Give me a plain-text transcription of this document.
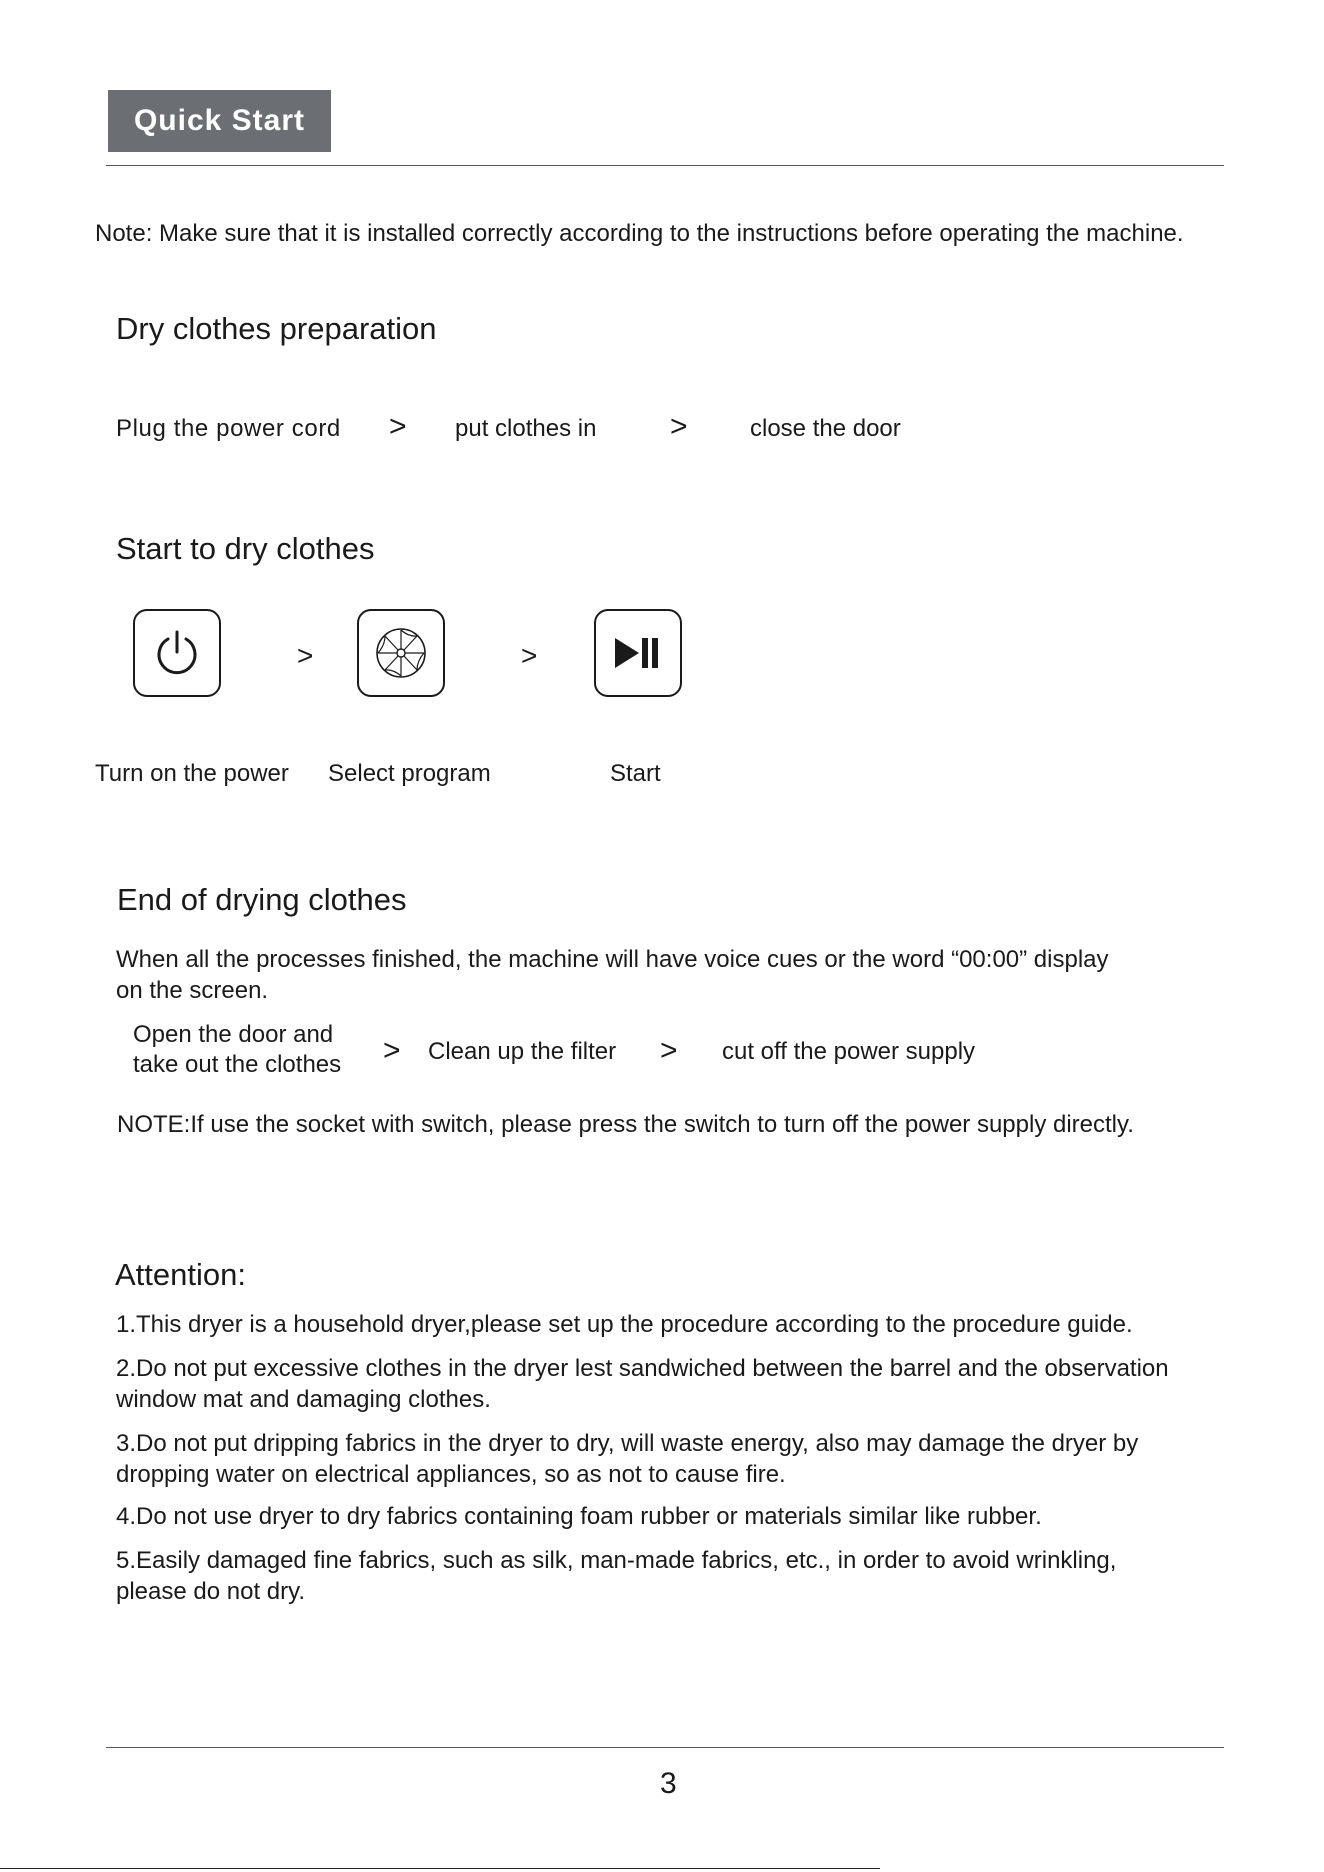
Quick Start
Note: Make sure that it is installed correctly according to the instructions before operating the machine.
Dry clothes preparation
Plug the power cord > put clothes in >	close the door
Start to dry clothes
>	>
Turn on the power Select program	Start
End of drying clothes
When all the processes finished, the machine will have voice cues or the word “00:00” display
on the screen.
Open the door and
take out the clothes > Clean up the filter > cut off the power supply
NOTE:If use the socket with switch, please press the switch to turn off the power supply directly.
Attention:
1.This dryer is a household dryer,please set up the procedure according to the procedure guide.
2.Do not put excessive clothes in the dryer lest sandwiched between the barrel and the observation
window mat and damaging clothes.
3.Do not put dripping fabrics in the dryer to dry, will waste energy, also may damage the dryer by
dropping water on electrical appliances, so as not to cause fire.
4.Do not use dryer to dry fabrics containing foam rubber or materials similar like rubber.
5.Easily damaged fine fabrics, such as silk, man-made fabrics, etc., in order to avoid wrinkling,
please do not dry.
3
